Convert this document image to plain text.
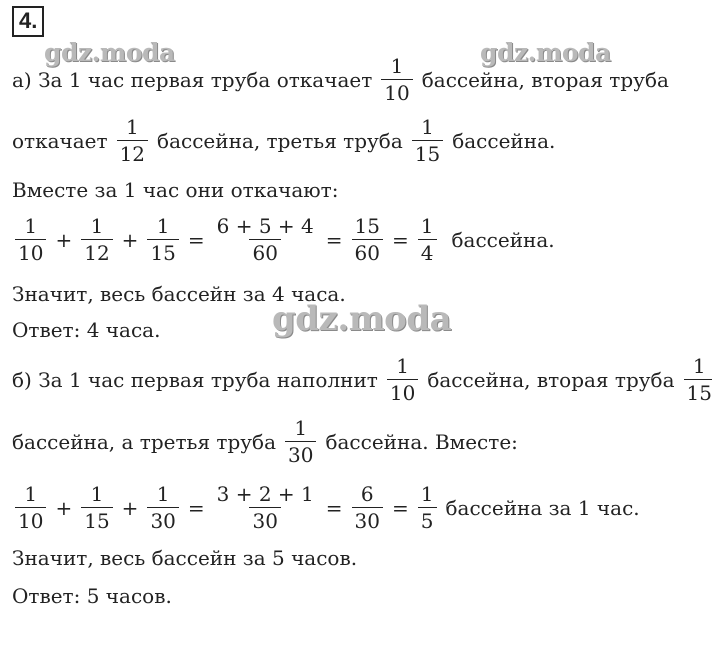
4.
gdz.moda	gdz.moda
gdz.moda
а) За 1 час первая труба откачает $\frac{1}{10}$ бассейна, вторая труба
откачает $\frac{1}{12}$ бассейна, третья труба $\frac{1}{15}$ бассейна.
Вместе за 1 час они откачают:
$\frac{1}{10} + \frac{1}{12} + \frac{1}{15} = \frac{6 + 5 + 4}{60} = \frac{15}{60} = \frac{1}{4}$ бассейна.
Значит, весь бассейн за 4 часа.
Ответ: 4 часа.
б) За 1 час первая труба наполнит $\frac{1}{10}$ бассейна, вторая труба $\frac{1}{15}$
бассейна, а третья труба $\frac{1}{30}$ бассейна. Вместе:
$\frac{1}{10} + \frac{1}{15} + \frac{1}{30} = \frac{3 + 2 + 1}{30} = \frac{6}{30} = \frac{1}{5}$ бассейна за 1 час.
Значит, весь бассейн за 5 часов.
Ответ: 5 часов.
